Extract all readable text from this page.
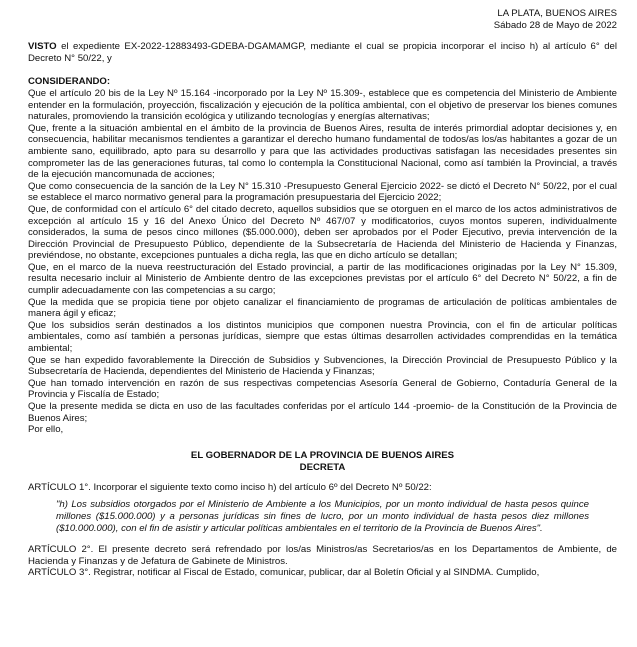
LA PLATA, BUENOS AIRES
Sábado 28 de Mayo de 2022

VISTO el expediente EX-2022-12883493-GDEBA-DGAMAMGP, mediante el cual se propicia incorporar el inciso h) al artículo 6° del Decreto N° 50/22, y

CONSIDERANDO:

Que el artículo 20 bis de la Ley Nº 15.164 -incorporado por la Ley Nº 15.309-, establece que es competencia del Ministerio de Ambiente entender en la formulación, proyección, fiscalización y ejecución de la política ambiental, con el objetivo de preservar los bienes comunes naturales, promoviendo la transición ecológica y utilizando tecnologías y energías alternativas;

Que, frente a la situación ambiental en el ámbito de la provincia de Buenos Aires, resulta de interés primordial adoptar decisiones y, en consecuencia, habilitar mecanismos tendientes a garantizar el derecho humano fundamental de todos/as los/as habitantes a gozar de un ambiente sano, equilibrado, apto para su desarrollo y para que las actividades productivas satisfagan las necesidades presentes sin comprometer las de las generaciones futuras, tal como lo contempla la Constitucional Nacional, como así también la Provincial, a través de la ejecución mancomunada de acciones;

Que como consecuencia de la sanción de la Ley N° 15.310 -Presupuesto General Ejercicio 2022- se dictó el Decreto N° 50/22, por el cual se establece el marco normativo general para la programación presupuestaria del Ejercicio 2022;

Que, de conformidad con el artículo 6° del citado decreto, aquellos subsidios que se otorguen en el marco de los actos administrativos de excepción al artículo 15 y 16 del Anexo Único del Decreto Nº 467/07 y modificatorios, cuyos montos superen, individualmente considerados, la suma de pesos cinco millones ($5.000.000), deben ser aprobados por el Poder Ejecutivo, previa intervención de la Dirección Provincial de Presupuesto Público, dependiente de la Subsecretaría de Hacienda del Ministerio de Hacienda y Finanzas, previéndose, no obstante, excepciones puntuales a dicha regla, las que en dicho artículo se detallan;

Que, en el marco de la nueva reestructuración del Estado provincial, a partir de las modificaciones originadas por la Ley N° 15.309, resulta necesario incluir al Ministerio de Ambiente dentro de las excepciones previstas por el artículo 6° del Decreto N° 50/22, a fin de cumplir adecuadamente con las competencias a su cargo;

Que la medida que se propicia tiene por objeto canalizar el financiamiento de programas de articulación de políticas ambientales de manera ágil y eficaz;

Que los subsidios serán destinados a los distintos municipios que componen nuestra Provincia, con el fin de articular políticas ambientales, como así también a personas jurídicas, siempre que estas últimas desarrollen actividades comprendidas en la temática ambiental;

Que se han expedido favorablemente la Dirección de Subsidios y Subvenciones, la Dirección Provincial de Presupuesto Público y la Subsecretaría de Hacienda, dependientes del Ministerio de Hacienda y Finanzas;

Que han tomado intervención en razón de sus respectivas competencias Asesoría General de Gobierno, Contaduría General de la Provincia y Fiscalía de Estado;

Que la presente medida se dicta en uso de las facultades conferidas por el artículo 144 -proemio- de la Constitución de la Provincia de Buenos Aires;

Por ello,

EL GOBERNADOR DE LA PROVINCIA DE BUENOS AIRES
DECRETA

ARTÍCULO 1°. Incorporar el siguiente texto como inciso h) del artículo 6º del Decreto Nº 50/22:

"h) Los subsidios otorgados por el Ministerio de Ambiente a los Municipios, por un monto individual de hasta pesos quince millones ($15.000.000) y a personas jurídicas sin fines de lucro, por un monto individual de hasta pesos diez millones ($10.000.000), con el fin de asistir y articular políticas ambientales en el territorio de la Provincia de Buenos Aires".

ARTÍCULO 2°. El presente decreto será refrendado por los/as Ministros/as Secretarios/as en los Departamentos de Ambiente, de Hacienda y Finanzas y de Jefatura de Gabinete de Ministros.

ARTÍCULO 3°. Registrar, notificar al Fiscal de Estado, comunicar, publicar, dar al Boletín Oficial y al SINDMA. Cumplido,
